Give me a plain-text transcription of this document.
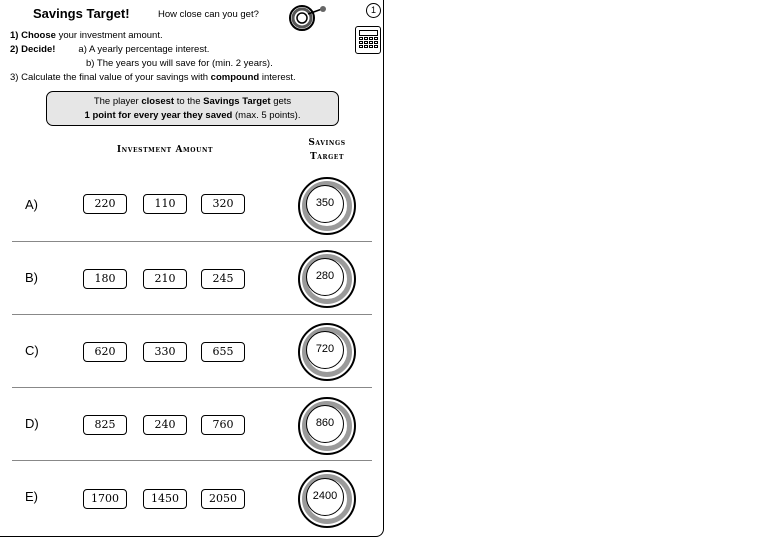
Savings Target!	How close can you get?	1
1) Choose your investment amount.
2) Decide! a) A yearly percentage interest.
b) The years you will save for (min. 2 years).
3) Calculate the final value of your savings with compound interest.
The player closest to the Savings Target gets
1 point for every year they saved (max. 5 points).
Investment Amount
Savings
Target
A)	220	110	320	350
B)	180	210	245	280
C)	620	330	655	720
D)	825	240	760	860
E)	1700	1450	2050	2400
